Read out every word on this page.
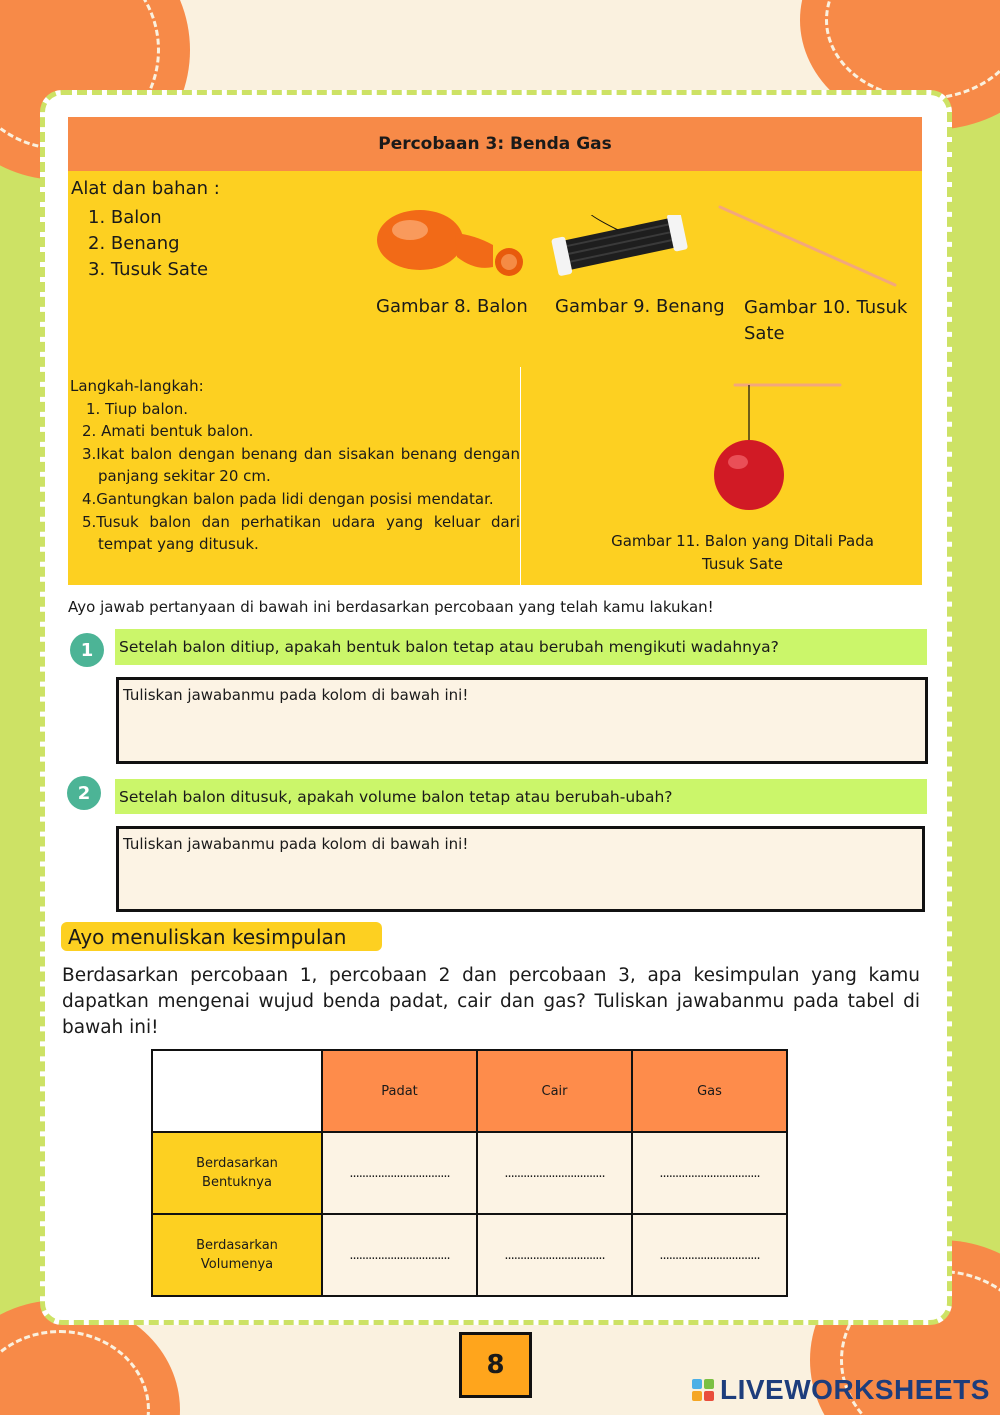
Percobaan 3: Benda Gas
Alat dan bahan :
1. Balon
2. Benang
3. Tusuk Sate
Gambar 8. Balon Gambar 9. Benang Gambar 10. Tusuk
Sate
Langkah-langkah:
1. Tiup balon.
2. Amati bentuk balon.
3.Ikat balon dengan benang dan sisakan benang dengan panjang sekitar 20 cm.
4.Gantungkan balon pada lidi dengan posisi mendatar.
5.Tusuk balon dan perhatikan udara yang keluar dari tempat yang ditusuk.	Gambar 11. Balon yang Ditali Pada
Tusuk Sate
Ayo jawab pertanyaan di bawah ini berdasarkan percobaan yang telah kamu lakukan!
1	Setelah balon ditiup, apakah bentuk balon tetap atau berubah mengikuti wadahnya?
Tuliskan jawabanmu pada kolom di bawah ini!
2	Setelah balon ditusuk, apakah volume balon tetap atau berubah-ubah?
Tuliskan jawabanmu pada kolom di bawah ini!
Ayo menuliskan kesimpulan
Berdasarkan percobaan 1, percobaan 2 dan percobaan 3, apa kesimpulan yang kamu dapatkan mengenai wujud benda padat, cair dan gas? Tuliskan jawabanmu pada tabel di bawah ini!
	Padat	Cair	Gas

Berdasarkan
Bentuknya	................................	................................	................................

Berdasarkan
Volumenya	................................	................................	................................
8
LIVEWORKSHEETS
